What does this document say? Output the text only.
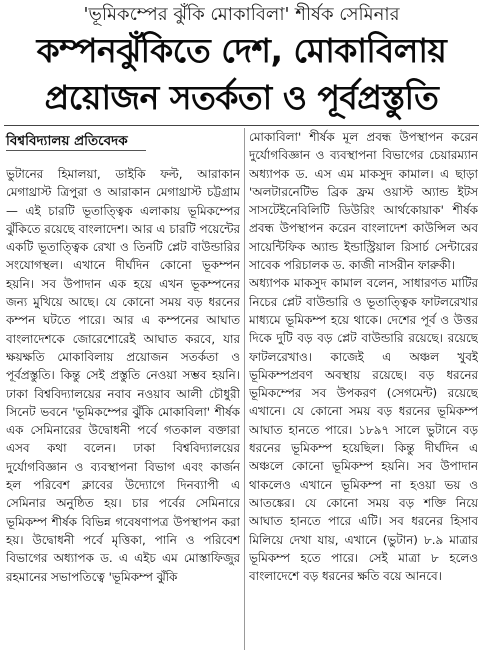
'ভূমিকম্পের ঝুঁকি মোকাবিলা' শীর্ষক সেমিনার
কম্পনঝুঁকিতে দেশ, মোকাবিলায়
প্রয়োজন সতর্কতা ও পূর্বপ্রস্তুতি
বিশ্ববিদ্যালয় প্রতিবেদক

ভুটানের হিমালয়া, ডাইকি ফল্ট, আরাকান মেগাথ্রাস্ট ত্রিপুরা ও আরাকান মেগাথ্রাস্ট চট্টগ্রাম— এই চারটি ভূতাত্ত্বিক এলাকায় ভূমিকম্পের ঝুঁকিতে রয়েছে বাংলাদেশ। আর এ চারটি পয়েন্টের একটি ভূতাত্ত্বিক রেখা ও তিনটি প্লেট বাউন্ডারির সংযোগস্থল। এখানে দীর্ঘদিন কোনো ভূকম্পন হয়নি। সব উপাদান এক হয়ে এখন ভূকম্পনের জন্য মুখিয়ে আছে। যে কোনো সময় বড় ধরনের কম্পন ঘটতে পারে। আর এ কম্পনের আঘাত বাংলাদেশকে জোরেশোরেই আঘাত করবে, যার ক্ষয়ক্ষতি মোকাবিলায় প্রয়োজন সতর্কতা ও পূর্বপ্রস্তুতি। কিন্তু সেই প্রস্তুতি নেওয়া সম্ভব হয়নি। ঢাকা বিশ্ববিদ্যালয়ের নবাব নওয়াব আলী চৌধুরী সিনেট ভবনে 'ভূমিকম্পের ঝুঁকি মোকাবিলা' শীর্ষক এক সেমিনারের উদ্বোধনী পর্বে গতকাল বক্তারা এসব কথা বলেন। ঢাকা বিশ্ববিদ্যালয়ের দুর্যোগবিজ্ঞান ও ব্যবস্থাপনা বিভাগ এবং কার্জন হল পরিবেশ ক্লাবের উদ্যোগে দিনব্যাপী এ সেমিনার অনুষ্ঠিত হয়। চার পর্বের সেমিনারে ভূমিকম্প শীর্ষক বিভিন্ন গবেষণাপত্র উপস্থাপন করা হয়। উদ্বোধনী পর্বে মৃত্তিকা, পানি ও পরিবেশ বিভাগের অধ্যাপক ড. এ এইচ এম মোস্তাফিজুর রহমানের সভাপতিত্বে 'ভূমিকম্প ঝুঁকি

মোকাবিলা' শীর্ষক মূল প্রবন্ধ উপস্থাপন করেন দুর্যোগবিজ্ঞান ও ব্যবস্থাপনা বিভাগের চেয়ারম্যান অধ্যাপক ড. এস এম মাকসুদ কামাল। এ ছাড়া 'অলটারনেটিভ ব্রিক ফ্রম ওয়াস্ট অ্যান্ড ইটস সাসটেইনেবিলিটি ডিউরিং আর্থকোয়াক' শীর্ষক প্রবন্ধ উপস্থাপন করেন বাংলাদেশ কাউন্সিল অব সায়েন্টিফিক অ্যান্ড ইন্ডাস্ট্রিয়াল রিসার্চ সেন্টারের সাবেক পরিচালক ড. কাজী নাসরীন ফারুকী।

অধ্যাপক মাকসুদ কামাল বলেন, সাধারণত মাটির নিচের প্লেট বাউন্ডারি ও ভূতাত্ত্বিক ফাটলরেখার মাধ্যমে ভূমিকম্প হয়ে থাকে। দেশের পূর্ব ও উত্তর দিকে দুটি বড় বড় প্লেট বাউন্ডারি রয়েছে। রয়েছে ফাটলরেখাও। কাজেই এ অঞ্চল খুবই ভূমিকম্পপ্রবণ অবস্থায় রয়েছে। বড় ধরনের ভূমিকম্পের সব উপকরণ (সেগমেন্ট) রয়েছে এখানে। যে কোনো সময় বড় ধরনের ভূমিকম্প আঘাত হানতে পারে। ১৮৯৭ সালে ভুটানে বড় ধরনের ভূমিকম্প হয়েছিল। কিন্তু দীর্ঘদিন এ অঞ্চলে কোনো ভূমিকম্প হয়নি। সব উপাদান থাকলেও এখানে ভূমিকম্প না হওয়া ভয় ও আতঙ্কের। যে কোনো সময় বড় শক্তি নিয়ে আঘাত হানতে পারে এটি। সব ধরনের হিসাব মিলিয়ে দেখা যায়, এখানে (ভুটান) ৮.৯ মাত্রার ভূমিকম্প হতে পারে। সেই মাত্রা ৮ হলেও বাংলাদেশে বড় ধরনের ক্ষতি বয়ে আনবে।
